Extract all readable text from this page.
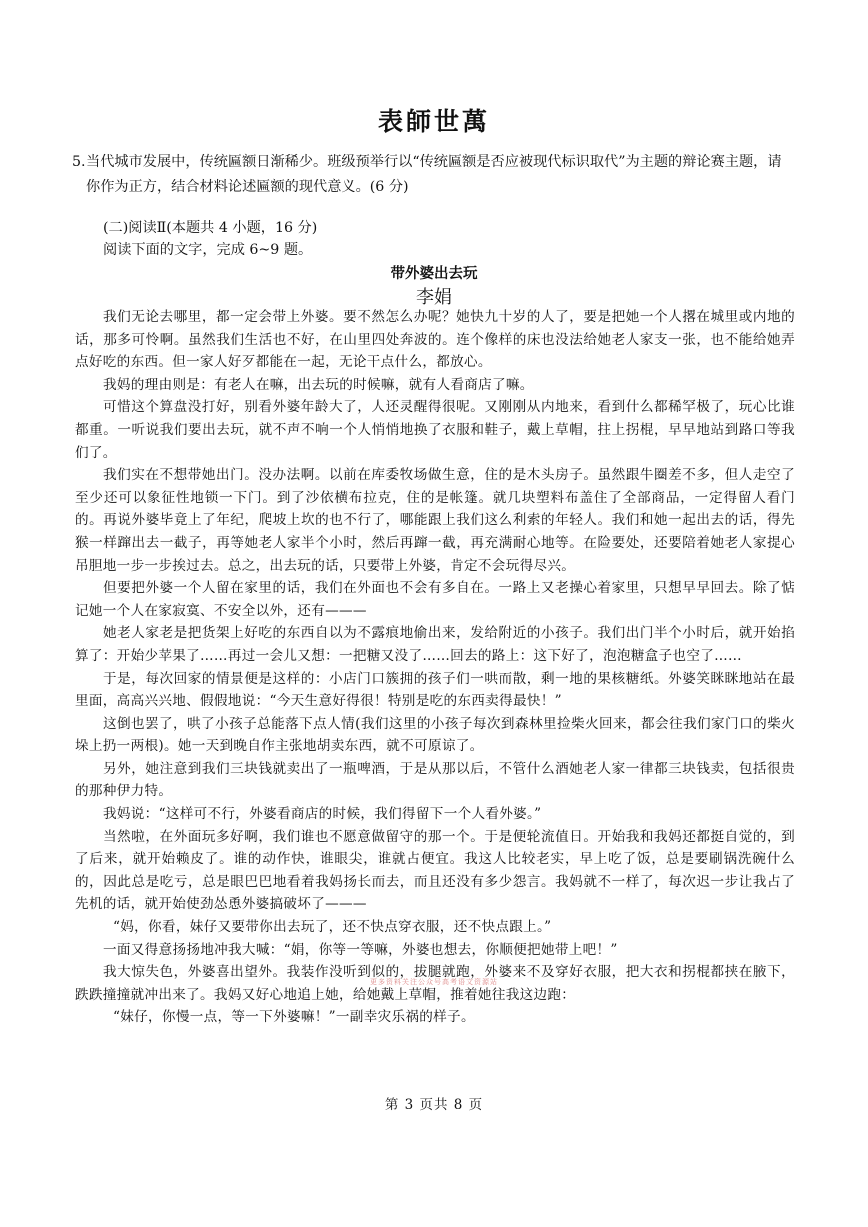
表師世萬
5. 当代城市发展中，传统匾额日渐稀少。班级预举行以“传统匾额是否应被现代标识取代”为主题的辩论赛主题，请你作为正方，结合材料论述匾额的现代意义。(6 分)
(二)阅读Ⅱ(本题共 4 小题，16 分)
阅读下面的文字，完成 6~9 题。
带外婆出去玩
李娟

我们无论去哪里，都一定会带上外婆。要不然怎么办呢？她快九十岁的人了，要是把她一个人撂在城里或内地的话，那多可怜啊。虽然我们生活也不好，在山里四处奔波的。连个像样的床也没法给她老人家支一张，也不能给她弄点好吃的东西。但一家人好歹都能在一起，无论干点什么，都放心。

我妈的理由则是：有老人在嘛，出去玩的时候嘛，就有人看商店了嘛。

可惜这个算盘没打好，别看外婆年龄大了，人还灵醒得很呢。又刚刚从内地来，看到什么都稀罕极了，玩心比谁都重。一听说我们要出去玩，就不声不响一个人悄悄地换了衣服和鞋子，戴上草帽，拄上拐棍，早早地站到路口等我们了。

我们实在不想带她出门。没办法啊。以前在库委牧场做生意，住的是木头房子。虽然跟牛圈差不多，但人走空了至少还可以象征性地锁一下门。到了沙依横布拉克，住的是帐篷。就几块塑料布盖住了全部商品，一定得留人看门的。再说外婆毕竟上了年纪，爬坡上坎的也不行了，哪能跟上我们这么利索的年轻人。我们和她一起出去的话，得先猴一样蹿出去一截子，再等她老人家半个小时，然后再蹿一截，再充满耐心地等。在险要处，还要陪着她老人家提心吊胆地一步一步挨过去。总之，出去玩的话，只要带上外婆，肯定不会玩得尽兴。

但要把外婆一个人留在家里的话，我们在外面也不会有多自在。一路上又老操心着家里，只想早早回去。除了惦记她一个人在家寂寞、不安全以外，还有———

她老人家老是把货架上好吃的东西自以为不露痕地偷出来，发给附近的小孩子。我们出门半个小时后，就开始掐算了：开始少苹果了……再过一会儿又想：一把糖又没了……回去的路上：这下好了，泡泡糖盒子也空了……

于是，每次回家的情景便是这样的：小店门口簇拥的孩子们一哄而散，剩一地的果核糖纸。外婆笑眯眯地站在最里面，高高兴兴地、假假地说：“今天生意好得很！特别是吃的东西卖得最快！”

这倒也罢了，哄了小孩子总能落下点人情(我们这里的小孩子每次到森林里捡柴火回来，都会往我们家门口的柴火垛上扔一两根)。她一天到晚自作主张地胡卖东西，就不可原谅了。

另外，她注意到我们三块钱就卖出了一瓶啤酒，于是从那以后，不管什么酒她老人家一律都三块钱卖，包括很贵的那种伊力特。

我妈说：“这样可不行，外婆看商店的时候，我们得留下一个人看外婆。”

当然啦，在外面玩多好啊，我们谁也不愿意做留守的那一个。于是便轮流值日。开始我和我妈还都挺自觉的，到了后来，就开始赖皮了。谁的动作快，谁眼尖，谁就占便宜。我这人比较老实，早上吃了饭，总是要刷锅洗碗什么的，因此总是吃亏，总是眼巴巴地看着我妈扬长而去，而且还没有多少怨言。我妈就不一样了，每次迟一步让我占了先机的话，就开始使劲怂恿外婆搞破坏了———

“妈，你看，妹仔又要带你出去玩了，还不快点穿衣服，还不快点跟上。”

一面又得意扬扬地冲我大喊：“娟，你等一等嘛，外婆也想去，你顺便把她带上吧！”

我大惊失色，外婆喜出望外。我装作没听到似的，拔腿就跑，外婆来不及穿好衣服，把大衣和拐棍都挟在腋下，跌跌撞撞就冲出来了。我妈又好心地追上她，给她戴上草帽，推着她往我这边跑：

“妹仔，你慢一点，等一下外婆嘛！”一副幸灾乐祸的样子。

更多资料关注公众号高考语文资源站
第 3 页共 8 页
